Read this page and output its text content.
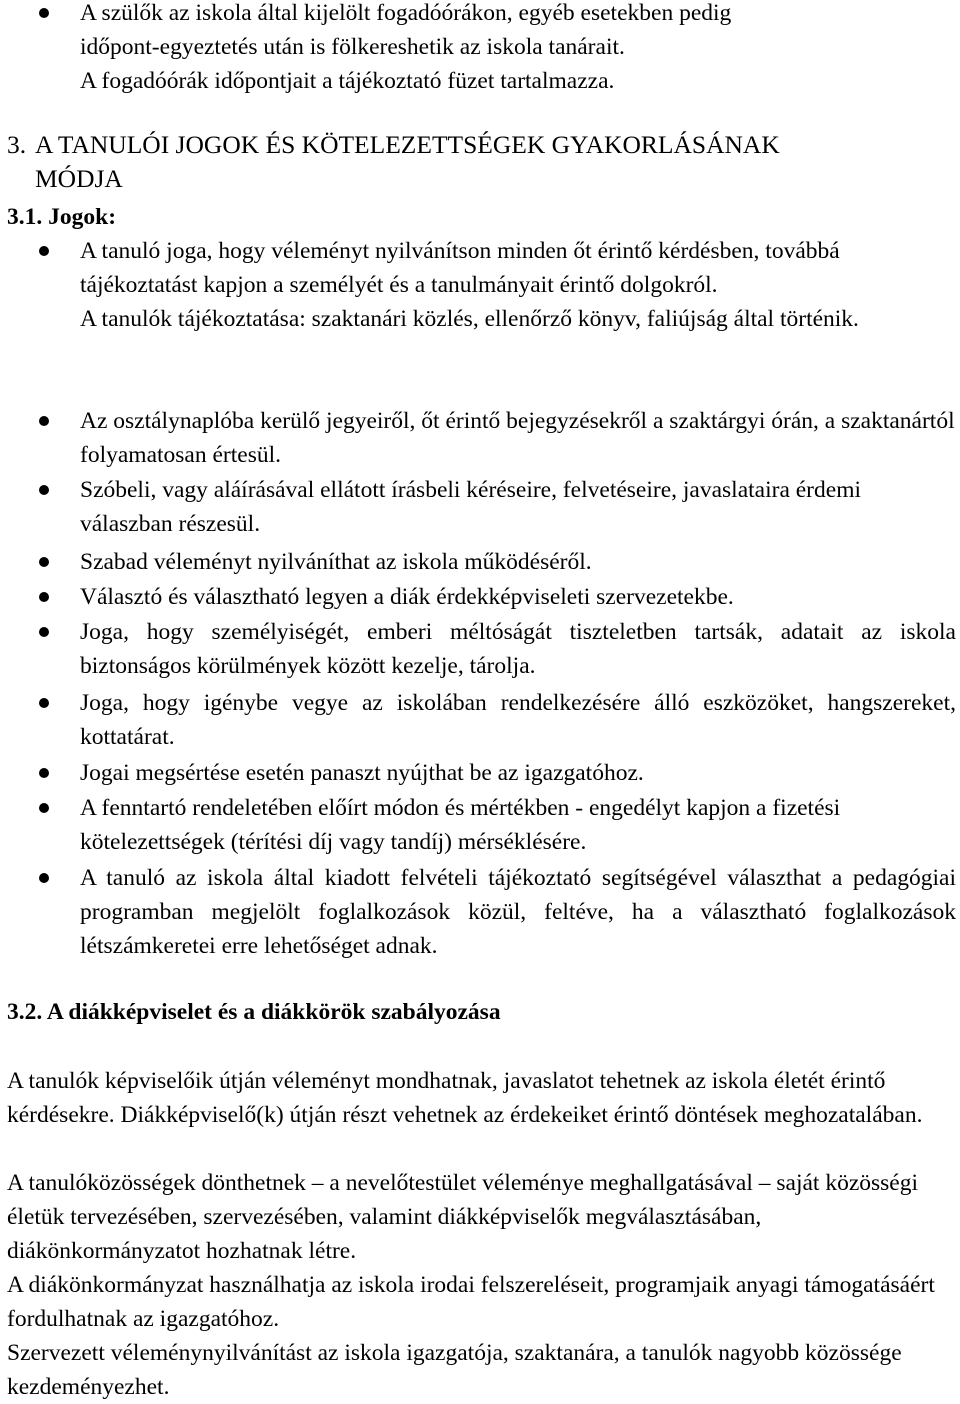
A szülők az iskola által kijelölt fogadóórákon, egyéb esetekben pedig
időpont-egyeztetés után is fölkereshetik az iskola tanárait.
A fogadóórák időpontjait a tájékoztató füzet tartalmazza.
3. A TANULÓI JOGOK ÉS KÖTELEZETTSÉGEK GYAKORLÁSÁNAK
MÓDJA
3.1. Jogok:
A tanuló joga, hogy véleményt nyilvánítson minden őt érintő kérdésben, továbbá tájékoztatást kapjon a személyét és a tanulmányait érintő dolgokról.
A tanulók tájékoztatása: szaktanári közlés, ellenőrző könyv, faliújság által történik.
Az osztálynaplóba kerülő jegyeiről, őt érintő bejegyzésekről a szaktárgyi órán, a szaktanártól folyamatosan értesül.
Szóbeli, vagy aláírásával ellátott írásbeli kéréseire, felvetéseire, javaslataira érdemi válaszban részesül.
Szabad véleményt nyilváníthat az iskola működéséről.
Választó és választható legyen a diák érdekképviseleti szervezetekbe.
Joga, hogy személyiségét, emberi méltóságát tiszteletben tartsák, adatait az iskola biztonságos körülmények között kezelje, tárolja.
Joga, hogy igénybe vegye az iskolában rendelkezésére álló eszközöket, hangszereket, kottatárat.
Jogai megsértése esetén panaszt nyújthat be az igazgatóhoz.
A fenntartó rendeletében előírt módon és mértékben - engedélyt kapjon a fizetési kötelezettségek (térítési díj vagy tandíj) mérséklésére.
A tanuló az iskola által kiadott felvételi tájékoztató segítségével választhat a pedagógiai programban megjelölt foglalkozások közül, feltéve, ha a választható foglalkozások létszámkeretei erre lehetőséget adnak.
3.2. A diákképviselet és a diákkörök szabályozása
A tanulók képviselőik útján véleményt mondhatnak, javaslatot tehetnek az iskola életét érintő kérdésekre. Diákképviselő(k) útján részt vehetnek az érdekeiket érintő döntések meghozatalában.
A tanulóközösségek dönthetnek – a nevelőtestület véleménye meghallgatásával – saját közösségi életük tervezésében, szervezésében, valamint diákképviselők megválasztásában, diákönkormányzatot hozhatnak létre.
A diákönkormányzat használhatja az iskola irodai felszereléseit, programjaik anyagi támogatásáért fordulhatnak az igazgatóhoz.
Szervezett véleménynyilvánítást az iskola igazgatója, szaktanára, a tanulók nagyobb közössége kezdeményezhet.
